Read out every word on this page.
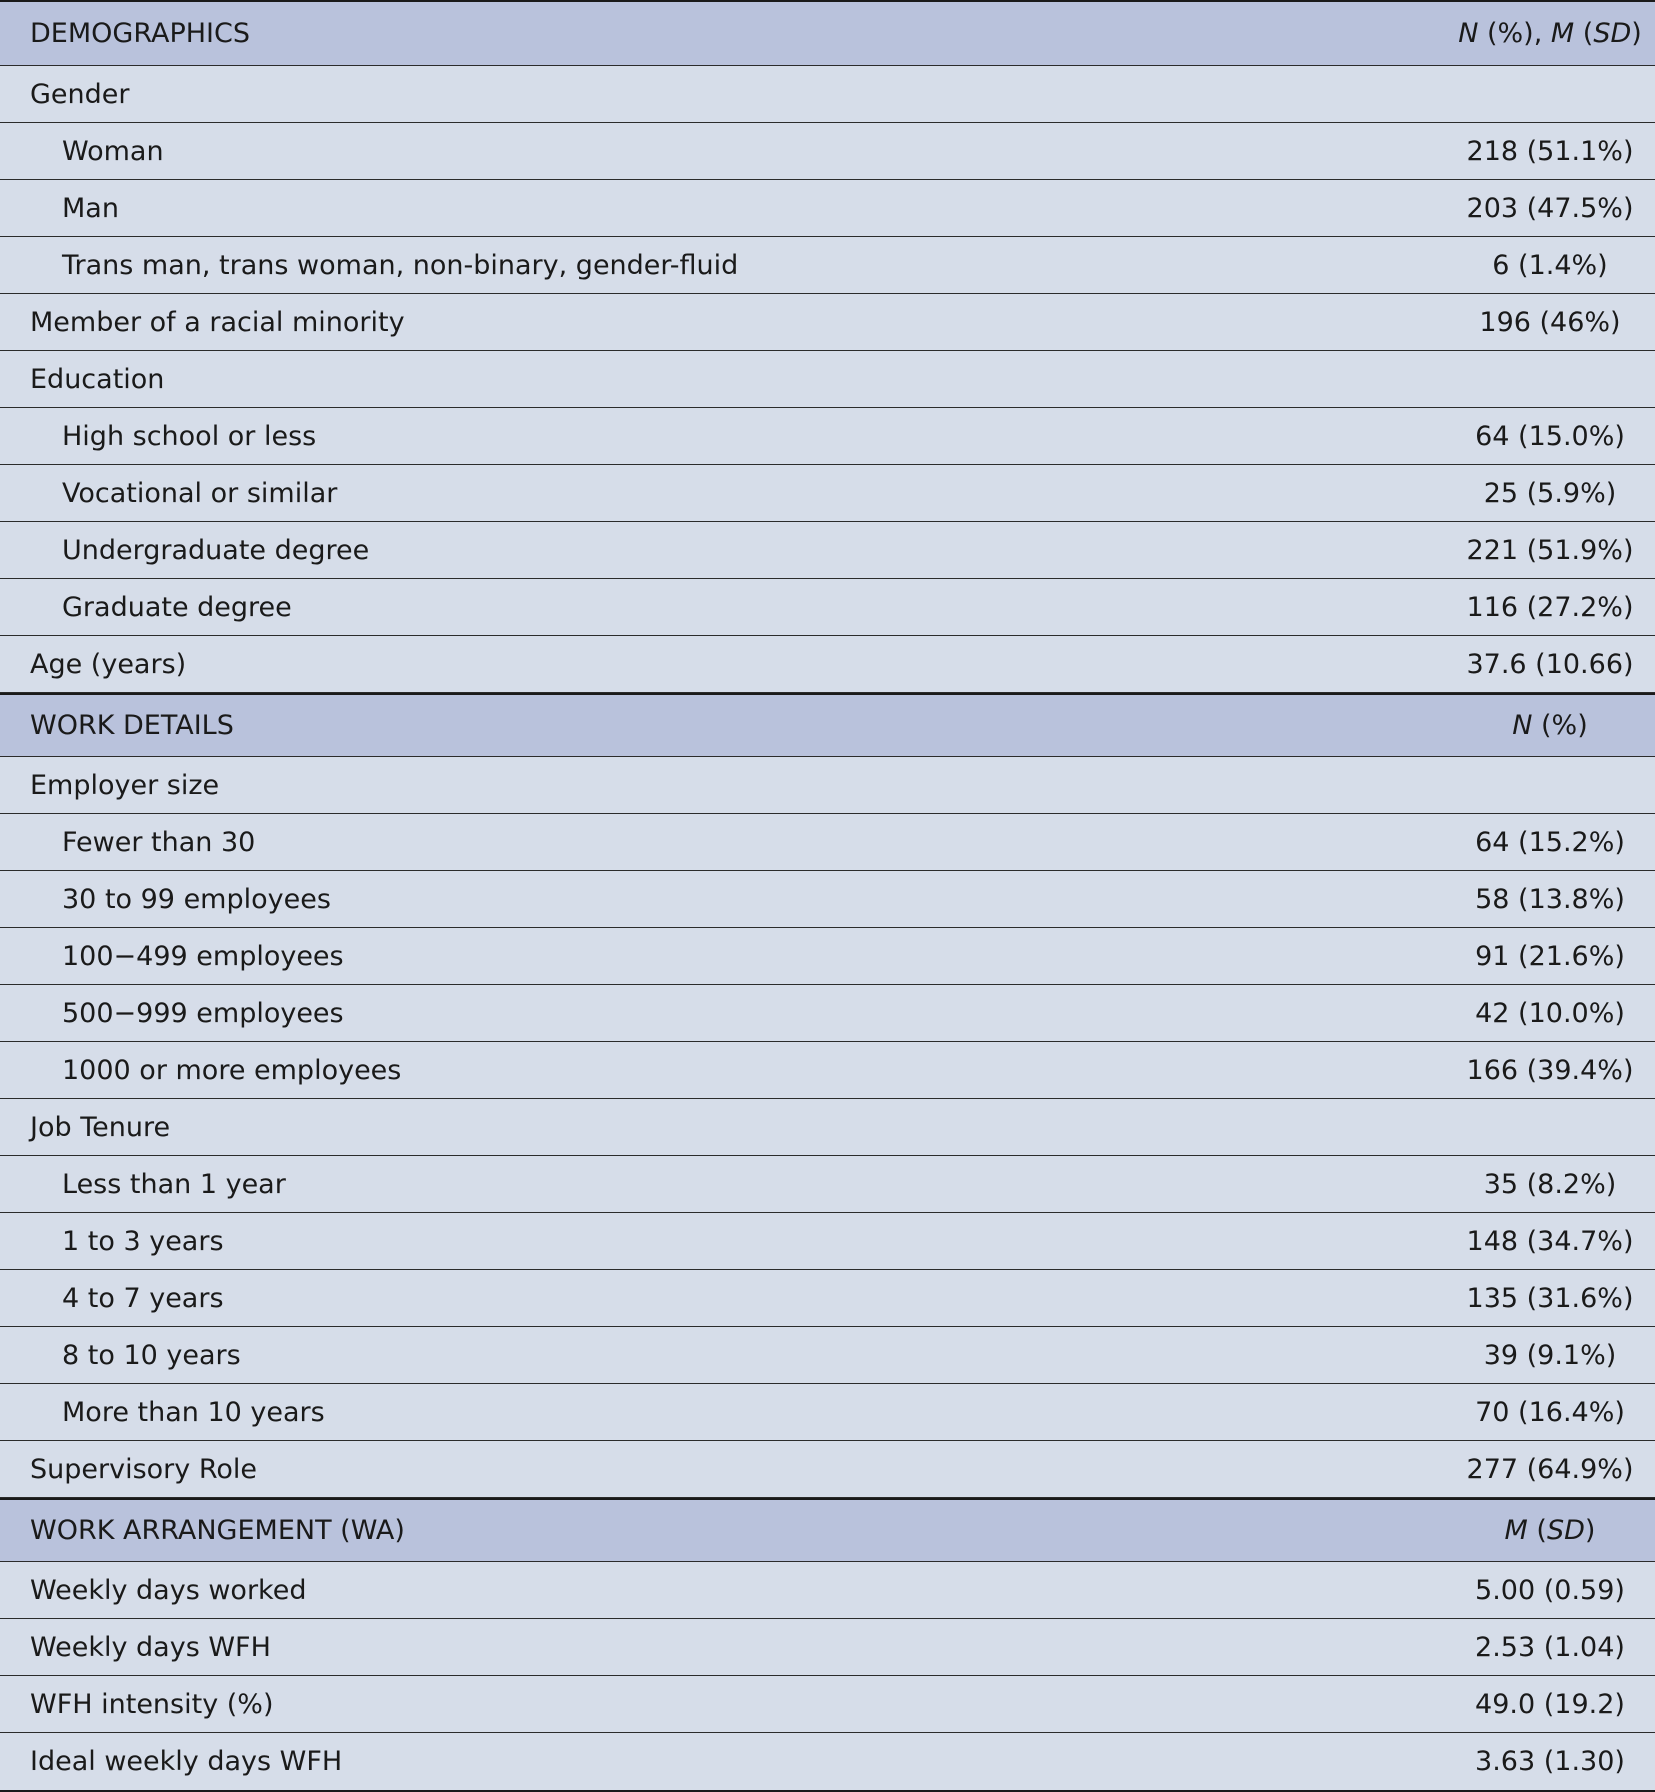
DEMOGRAPHICS	N (%), M (SD)
Gender
Woman	218 (51.1%)
Man	203 (47.5%)
Trans man, trans woman, non-binary, gender-fluid	6 (1.4%)
Member of a racial minority	196 (46%)
Education
High school or less	64 (15.0%)
Vocational or similar	25 (5.9%)
Undergraduate degree	221 (51.9%)
Graduate degree	116 (27.2%)
Age (years)	37.6 (10.66)
WORK DETAILS	N (%)
Employer size
Fewer than 30	64 (15.2%)
30 to 99 employees	58 (13.8%)
100−499 employees	91 (21.6%)
500−999 employees	42 (10.0%)
1000 or more employees	166 (39.4%)
Job Tenure
Less than 1 year	35 (8.2%)
1 to 3 years	148 (34.7%)
4 to 7 years	135 (31.6%)
8 to 10 years	39 (9.1%)
More than 10 years	70 (16.4%)
Supervisory Role	277 (64.9%)
WORK ARRANGEMENT (WA)	M (SD)
Weekly days worked	5.00 (0.59)
Weekly days WFH	2.53 (1.04)
WFH intensity (%)	49.0 (19.2)
Ideal weekly days WFH	3.63 (1.30)
